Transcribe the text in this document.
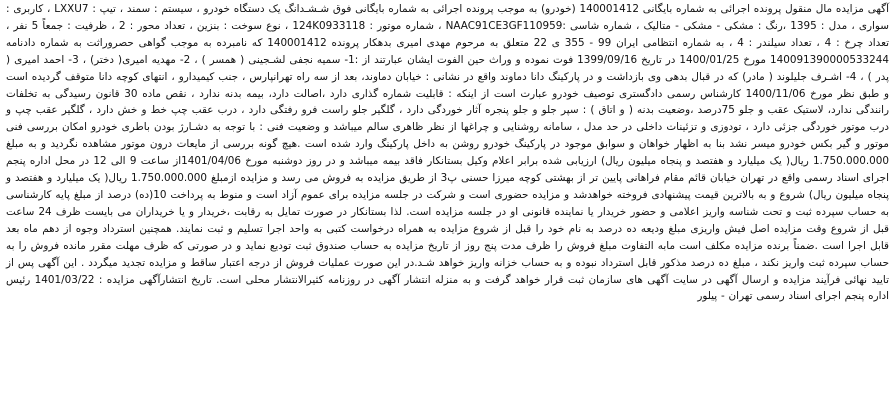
آگهی مزایده مال منقول پرونده اجرائی به شماره بایگانی 140001412 (خودرو) به موجب پرونده اجرائی به شماره بایگانی فوق شـشـدانگ یک دستگاه خودرو ، سیستم : سمند ، تیپ : LXXU7 ، کاربری : سواری ، مدل : 1395 ،رنگ : مشکی - مشکی - متالیک ، شماره شاسی :NAAC91CE3GF110959 ، شماره موتور : 124K0933118 ، نوع سوخت : بنزین ، تعداد محور : 2 ، ظرفیت : جمعاً 5 نفر ، تعداد چرخ : 4 ، تعداد سیلندر : 4 ، به شماره انتظامی ایران 99 - 355 ی 22 متعلق به مرحوم مهدی امیری بدهکار پرونده 140001412 که نامبرده به موجب گواهی حصروراثت به شماره دادنامه 140091390000533244 مورخ 1400/01/25 در تاریخ 1399/09/16 فوت نموده و وراث حین الفوت ایشان عبارتند از :1- سمیه نجفی لشـجینی ( همسر ) ، 2- مهدیه امیری( دختر) ، 3- احمد امیری ( پدر ) ، 4- اشـرف جلیلوند ( مادر) که در قبال بدهی وی بازداشت و در پارکینگ دانا دماوند واقع در نشانی : خیابان دماوند، بعد از سه راه تهرانپارس ، جنب کیمیدارو ، انتهای کوچه دانا متوقف گردیده است و طبق نظر مورخ 1400/11/06 کارشناس رسمی دادگستری توصیف خودرو عبارت است از اینکه : قابلیت شماره گذاری دارد ،اصالت دارد، بیمه بدنه ندارد ، نقص ماده 30 قانون رسیدگی به تخلفات رانندگی ندارد، لاستیک عقب و جلو 75درصد ،وضعیت بدنه ( و اتاق ) : سپر جلو و جلو پنجره آثار خوردگی دارد ، گلگیر جلو راست فرو رفتگی دارد ، درب عقب چپ خط و خش دارد ، گلگیر عقب چپ و درب موتور خوردگی جزئی دارد ، تودوزی و تزئینات داخلی در حد مدل ، سامانه روشنایی و چراغها از نظر ظاهری سالم میباشد و وضعیت فنی : با توجه به دشـارژ بودن باطری خودرو امکان بررسی فنی موتور و گیر بکس خودرو میسر نشد بنا به اظهار خواهان و سوابق موجود در پارکینگ خودرو روشن به داخل پارکینگ وارد شده است .هیچ گونه بررسی از مایعات درون موتور مشاهده نگردید و به مبلغ 1.750.000.000 ریال( یک میلیارد و هفتصد و پنجاه میلیون ریال) ارزیابی شده برابر اعلام وکیل بستانکار فاقد بیمه میباشد و در روز دوشنبه مورخ 1401/04/06از ساعت 9 الی 12 در محل اداره پنجم اجرای اسناد رسمی واقع در تهران خیابان قائم مقام فراهانی پایین تر از بهشتی کوچه میرزا حسنی پ3 از طریق مزایده به فروش می رسد و مزایده ازمبلغ 1.750.000.000 ریال( یک میلیارد و هفتصد و پنجاه میلیون ریال) شروع و به بالاترین قیمت پیشنهادی فروخته خواهدشد و مزایده حضوری است و شرکت در جلسه مزایده برای عموم آزاد است و منوط به پرداخت 10(ده) درصد از مبلغ پایه کارشناسی به حساب سپرده ثبت و تحت شناسه واریز اعلامی و حضور خریدار یا نماینده قانونی او در جلسه مزایده است. لذا بستانکار در صورت تمایل به رقابت ،خریدار و یا خریداران می بایست ظرف 24 ساعت قبل از شروع وقت مزایده اصل فیش واریزی مبلغ ودیعه ده درصد به نام خود را قبل از شروع مزایده به همراه درخواست کتبی به واحد اجرا تسلیم و ثبت نمایند. همچنین استرداد وجوه از دهم ماه بعد قابل اجرا است .ضمناً برنده مزایده مکلف است مابه التفاوت مبلغ فروش را ظرف مدت پنج روز از تاریخ مزایده به حساب صندوق ثبت تودیع نماید و در صورتی که ظرف مهلت مقرر مانده فروش را به حساب سپرده ثبت واریز نکند ، مبلغ ده درصد مذکور قابل استرداد نبوده و به حساب خزانه واریز خواهد شـد.در این صورت عملیات فروش از درجه اعتبار ساقط و مزایده تجدید میگردد . این آگهی پس از تایید نهائی فرآیند مزایده و ارسال آگهی در سایت آگهی های سازمان ثبت قرار خواهد گرفت و به منزله انتشار آگهی در روزنامه کثیرالانتشار محلی است. تاریخ انتشارآگهی مزایده : 1401/03/22 رئیس اداره پنجم اجرای اسناد رسمی تهران - پیلور
